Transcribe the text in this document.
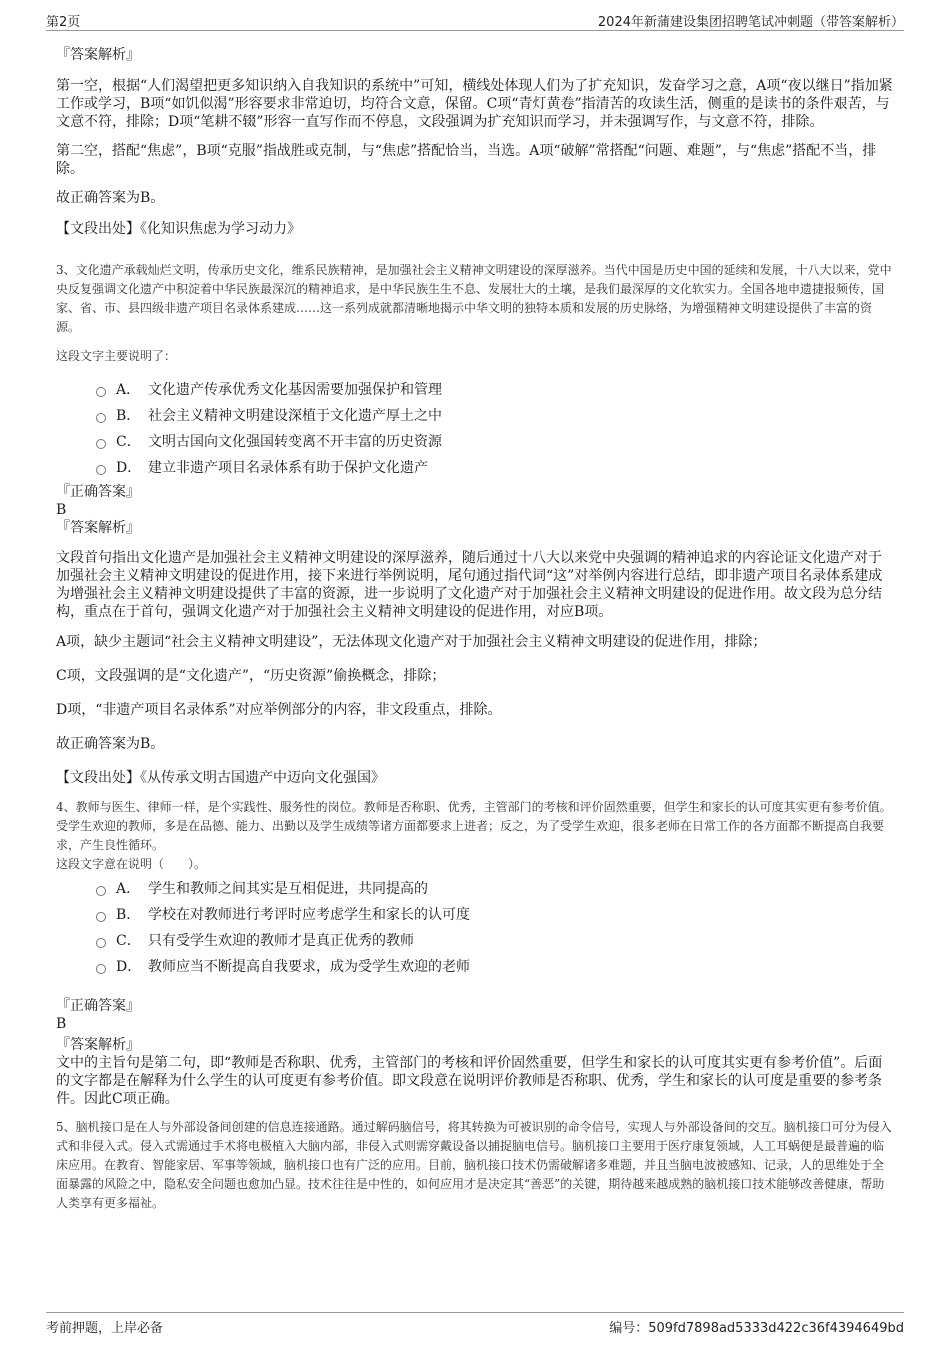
第2页	2024年新蒲建设集团招聘笔试冲刺题（带答案解析）
『答案解析』
第一空，根据“人们渴望把更多知识纳入自我知识的系统中”可知，横线处体现人们为了扩充知识，发奋学习之意，A项“夜以继日”指加紧工作或学习，B项“如饥似渴”形容要求非常迫切，均符合文意，保留。C项“青灯黄卷”指清苦的攻读生活，侧重的是读书的条件艰苦，与文意不符，排除；D项“笔耕不辍”形容一直写作而不停息，文段强调为扩充知识而学习，并未强调写作，与文意不符，排除。
第二空，搭配“焦虑”，B项“克服”指战胜或克制，与“焦虑”搭配恰当，当选。A项“破解”常搭配“问题、难题”，与“焦虑”搭配不当，排除。
故正确答案为B。
【文段出处】《化知识焦虑为学习动力》
3、文化遗产承载灿烂文明，传承历史文化，维系民族精神，是加强社会主义精神文明建设的深厚滋养。当代中国是历史中国的延续和发展，十八大以来，党中央反复强调文化遗产中积淀着中华民族最深沉的精神追求，是中华民族生生不息、发展壮大的土壤，是我们最深厚的文化软实力。全国各地申遗捷报频传，国家、省、市、县四级非遗产项目名录体系建成……这一系列成就都清晰地揭示中华文明的独特本质和发展的历史脉络，为增强精神文明建设提供了丰富的资源。
这段文字主要说明了：
A． 文化遗产传承优秀文化基因需要加强保护和管理
B． 社会主义精神文明建设深植于文化遗产厚土之中
C． 文明古国向文化强国转变离不开丰富的历史资源
D． 建立非遗产项目名录体系有助于保护文化遗产
『正确答案』
B
『答案解析』
文段首句指出文化遗产是加强社会主义精神文明建设的深厚滋养，随后通过十八大以来党中央强调的精神追求的内容论证文化遗产对于加强社会主义精神文明建设的促进作用，接下来进行举例说明，尾句通过指代词“这”对举例内容进行总结，即非遗产项目名录体系建成为增强社会主义精神文明建设提供了丰富的资源，进一步说明了文化遗产对于加强社会主义精神文明建设的促进作用。故文段为总分结构，重点在于首句，强调文化遗产对于加强社会主义精神文明建设的促进作用，对应B项。
A项，缺少主题词“社会主义精神文明建设”，无法体现文化遗产对于加强社会主义精神文明建设的促进作用，排除；
C项，文段强调的是“文化遗产”，“历史资源”偷换概念，排除；
D项，“非遗产项目名录体系”对应举例部分的内容，非文段重点，排除。
故正确答案为B。
【文段出处】《从传承文明古国遗产中迈向文化强国》
4、教师与医生、律师一样，是个实践性、服务性的岗位。教师是否称职、优秀，主管部门的考核和评价固然重要，但学生和家长的认可度其实更有参考价值。受学生欢迎的教师，多是在品德、能力、出勤以及学生成绩等诸方面都要求上进者；反之，为了受学生欢迎，很多老师在日常工作的各方面都不断提高自我要求，产生良性循环。
这段文字意在说明（　　）。
A． 学生和教师之间其实是互相促进，共同提高的
B． 学校在对教师进行考评时应考虑学生和家长的认可度
C． 只有受学生欢迎的教师才是真正优秀的教师
D． 教师应当不断提高自我要求，成为受学生欢迎的老师
『正确答案』
B
『答案解析』
文中的主旨句是第二句，即“教师是否称职、优秀，主管部门的考核和评价固然重要，但学生和家长的认可度其实更有参考价值”。后面的文字都是在解释为什么学生的认可度更有参考价值。即文段意在说明评价教师是否称职、优秀，学生和家长的认可度是重要的参考条件。因此C项正确。
5、脑机接口是在人与外部设备间创建的信息连接通路。通过解码脑信号，将其转换为可被识别的命令信号，实现人与外部设备间的交互。脑机接口可分为侵入式和非侵入式。侵入式需通过手术将电极植入大脑内部，非侵入式则需穿戴设备以捕捉脑电信号。脑机接口主要用于医疗康复领域，人工耳蜗便是最普遍的临床应用。在教育、智能家居、军事等领域，脑机接口也有广泛的应用。目前，脑机接口技术仍需破解诸多难题，并且当脑电波被感知、记录，人的思维处于全面暴露的风险之中，隐私安全问题也愈加凸显。技术往往是中性的，如何应用才是决定其“善恶”的关键，期待越来越成熟的脑机接口技术能够改善健康，帮助人类享有更多福祉。
考前押题，上岸必备	编号：509fd7898ad5333d422c36f4394649bd
